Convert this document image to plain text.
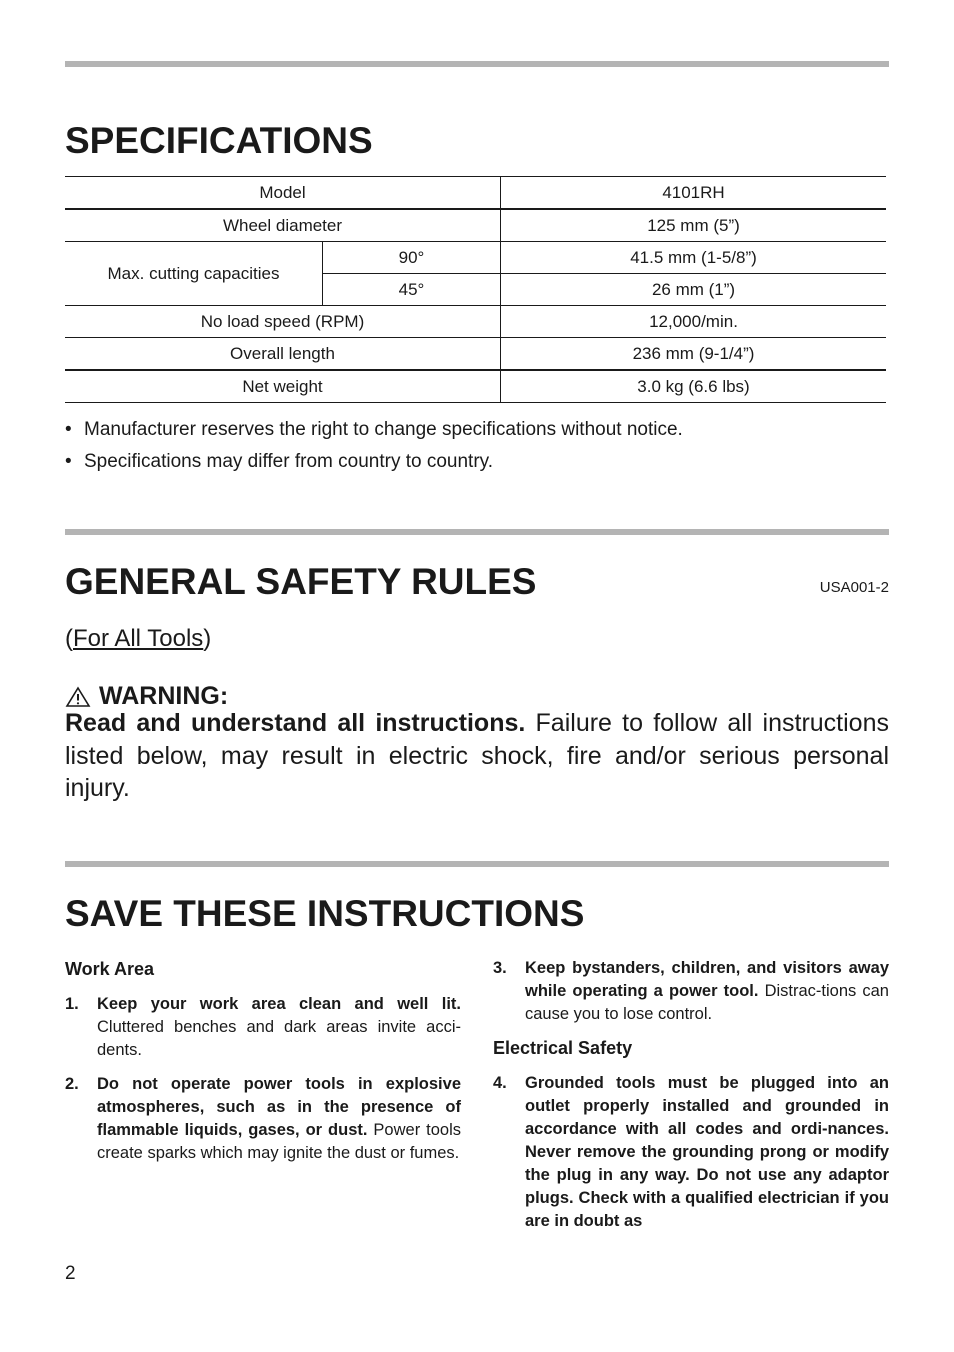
SPECIFICATIONS
Model		4101RH
Wheel diameter		125 mm (5”)
Max. cutting capacities	90°	41.5 mm (1-5/8”)
	45°	26 mm (1”)
No load speed (RPM)		12,000/min.
Overall length		236 mm (9-1/4”)
Net weight		3.0 kg (6.6 lbs)
• Manufacturer reserves the right to change specifications without notice.
• Specifications may differ from country to country.
GENERAL SAFETY RULES	USA001-2
(For All Tools)
WARNING:

Read and understand all instructions. Failure to follow all instructions listed below, may result in electric shock, fire and/or serious personal injury.

SAVE THESE INSTRUCTIONS
Work Area
1.	Keep your work area clean and well lit. Cluttered benches and dark areas invite acci-dents.
2.	Do not operate power tools in explosive atmospheres, such as in the presence of flammable liquids, gases, or dust. Power tools create sparks which may ignite the dust or fumes.
3.	Keep bystanders, children, and visitors away while operating a power tool. Distrac-tions can cause you to lose control.
Electrical Safety
4.	Grounded tools must be plugged into an outlet properly installed and grounded in accordance with all codes and ordi-nances. Never remove the grounding prong or modify the plug in any way. Do not use any adaptor plugs. Check with a qualified electrician if you are in doubt as
2
